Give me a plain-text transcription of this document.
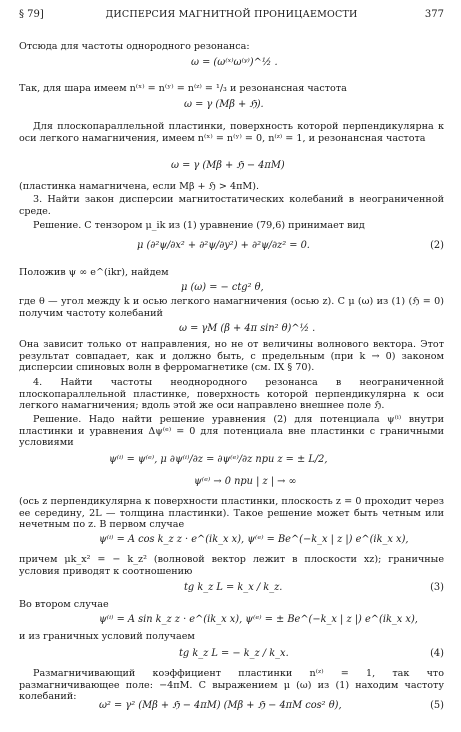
§ 79]	ДИСПЕРСИЯ МАГНИТНОЙ ПРОНИЦАЕМОСТИ	377

Отсюда для частоты однородного резонанса:

ω = (ω⁽ˣ⁾ω⁽ʸ⁾)^½ .

Так, для шара имеем n⁽ˣ⁾ = n⁽ʸ⁾ = n⁽ᶻ⁾ = ¹/₃ и резонансная частота

ω = γ (Mβ + ℌ).

Для плоскопараллельной пластинки, поверхность которой перпендикулярна к оси легкого намагничения, имеем n⁽ˣ⁾ = n⁽ʸ⁾ = 0, n⁽ᶻ⁾ = 1, и резонансная частота

ω = γ (Mβ + ℌ − 4πM)

(пластинка намагничена, если Mβ + ℌ > 4πM).

3. Найти закон дисперсии магнитостатических колебаний в неограниченной среде.

Решение. С тензором μ_ik из (1) уравнение (79,6) принимает вид

μ (∂²ψ/∂x² + ∂²ψ/∂y²) + ∂²ψ/∂z² = 0.	(2)

Положив ψ ∞ e^(ikr), найдем

μ (ω) = − ctg² θ,

где θ — угол между k и осью легкого намагничения (осью z). С μ (ω) из (1) (ℌ = 0) получим частоту колебаний

ω = γM (β + 4π sin² θ)^½ .

Она зависит только от направления, но не от величины волнового вектора. Этот результат совпадает, как и должно быть, с предельным (при k → 0) законом дисперсии спиновых волн в ферромагнетике (см. IX § 70).

4. Найти частоты неоднородного резонанса в неограниченной плоскопараллельной пластинке, поверхность которой перпендикулярна к оси легкого намагничения; вдоль этой же оси направлено внешнее поле ℌ.

Решение. Надо найти решение уравнения (2) для потенциала ψ⁽ⁱ⁾ внутри пластинки и уравнения Δψ⁽ᵉ⁾ = 0 для потенциала вне пластинки с граничными условиями

ψ⁽ⁱ⁾ = ψ⁽ᵉ⁾, μ ∂ψ⁽ⁱ⁾/∂z = ∂ψ⁽ᵉ⁾/∂z при z = ± L/2,
ψ⁽ᵉ⁾ → 0 при | z | → ∞

(ось z перпендикулярна к поверхности пластинки, плоскость z = 0 проходит через ее середину, 2L — толщина пластинки). Такое решение может быть четным или нечетным по z. В первом случае

ψ⁽ⁱ⁾ = A cos k_z z · e^(ik_x x), ψ⁽ᵉ⁾ = Be^(−k_x | z |) e^(ik_x x),

причем μk_x² = − k_z² (волновой вектор лежит в плоскости xz); граничные условия приводят к соотношению

tg k_z L = k_x / k_z.	(3)

Во втором случае

ψ⁽ⁱ⁾ = A sin k_z z · e^(ik_x x), ψ⁽ᵉ⁾ = ± Be^(−k_x | z |) e^(ik_x x),

и из граничных условий получаем

tg k_z L = − k_z / k_x.	(4)

Размагничивающий коэффициент пластинки n⁽ᶻ⁾ = 1, так что размагничивающее поле: −4πM. С выражением μ (ω) из (1) находим частоту колебаний:

ω² = γ² (Mβ + ℌ − 4πM) (Mβ + ℌ − 4πM cos² θ),	(5)
